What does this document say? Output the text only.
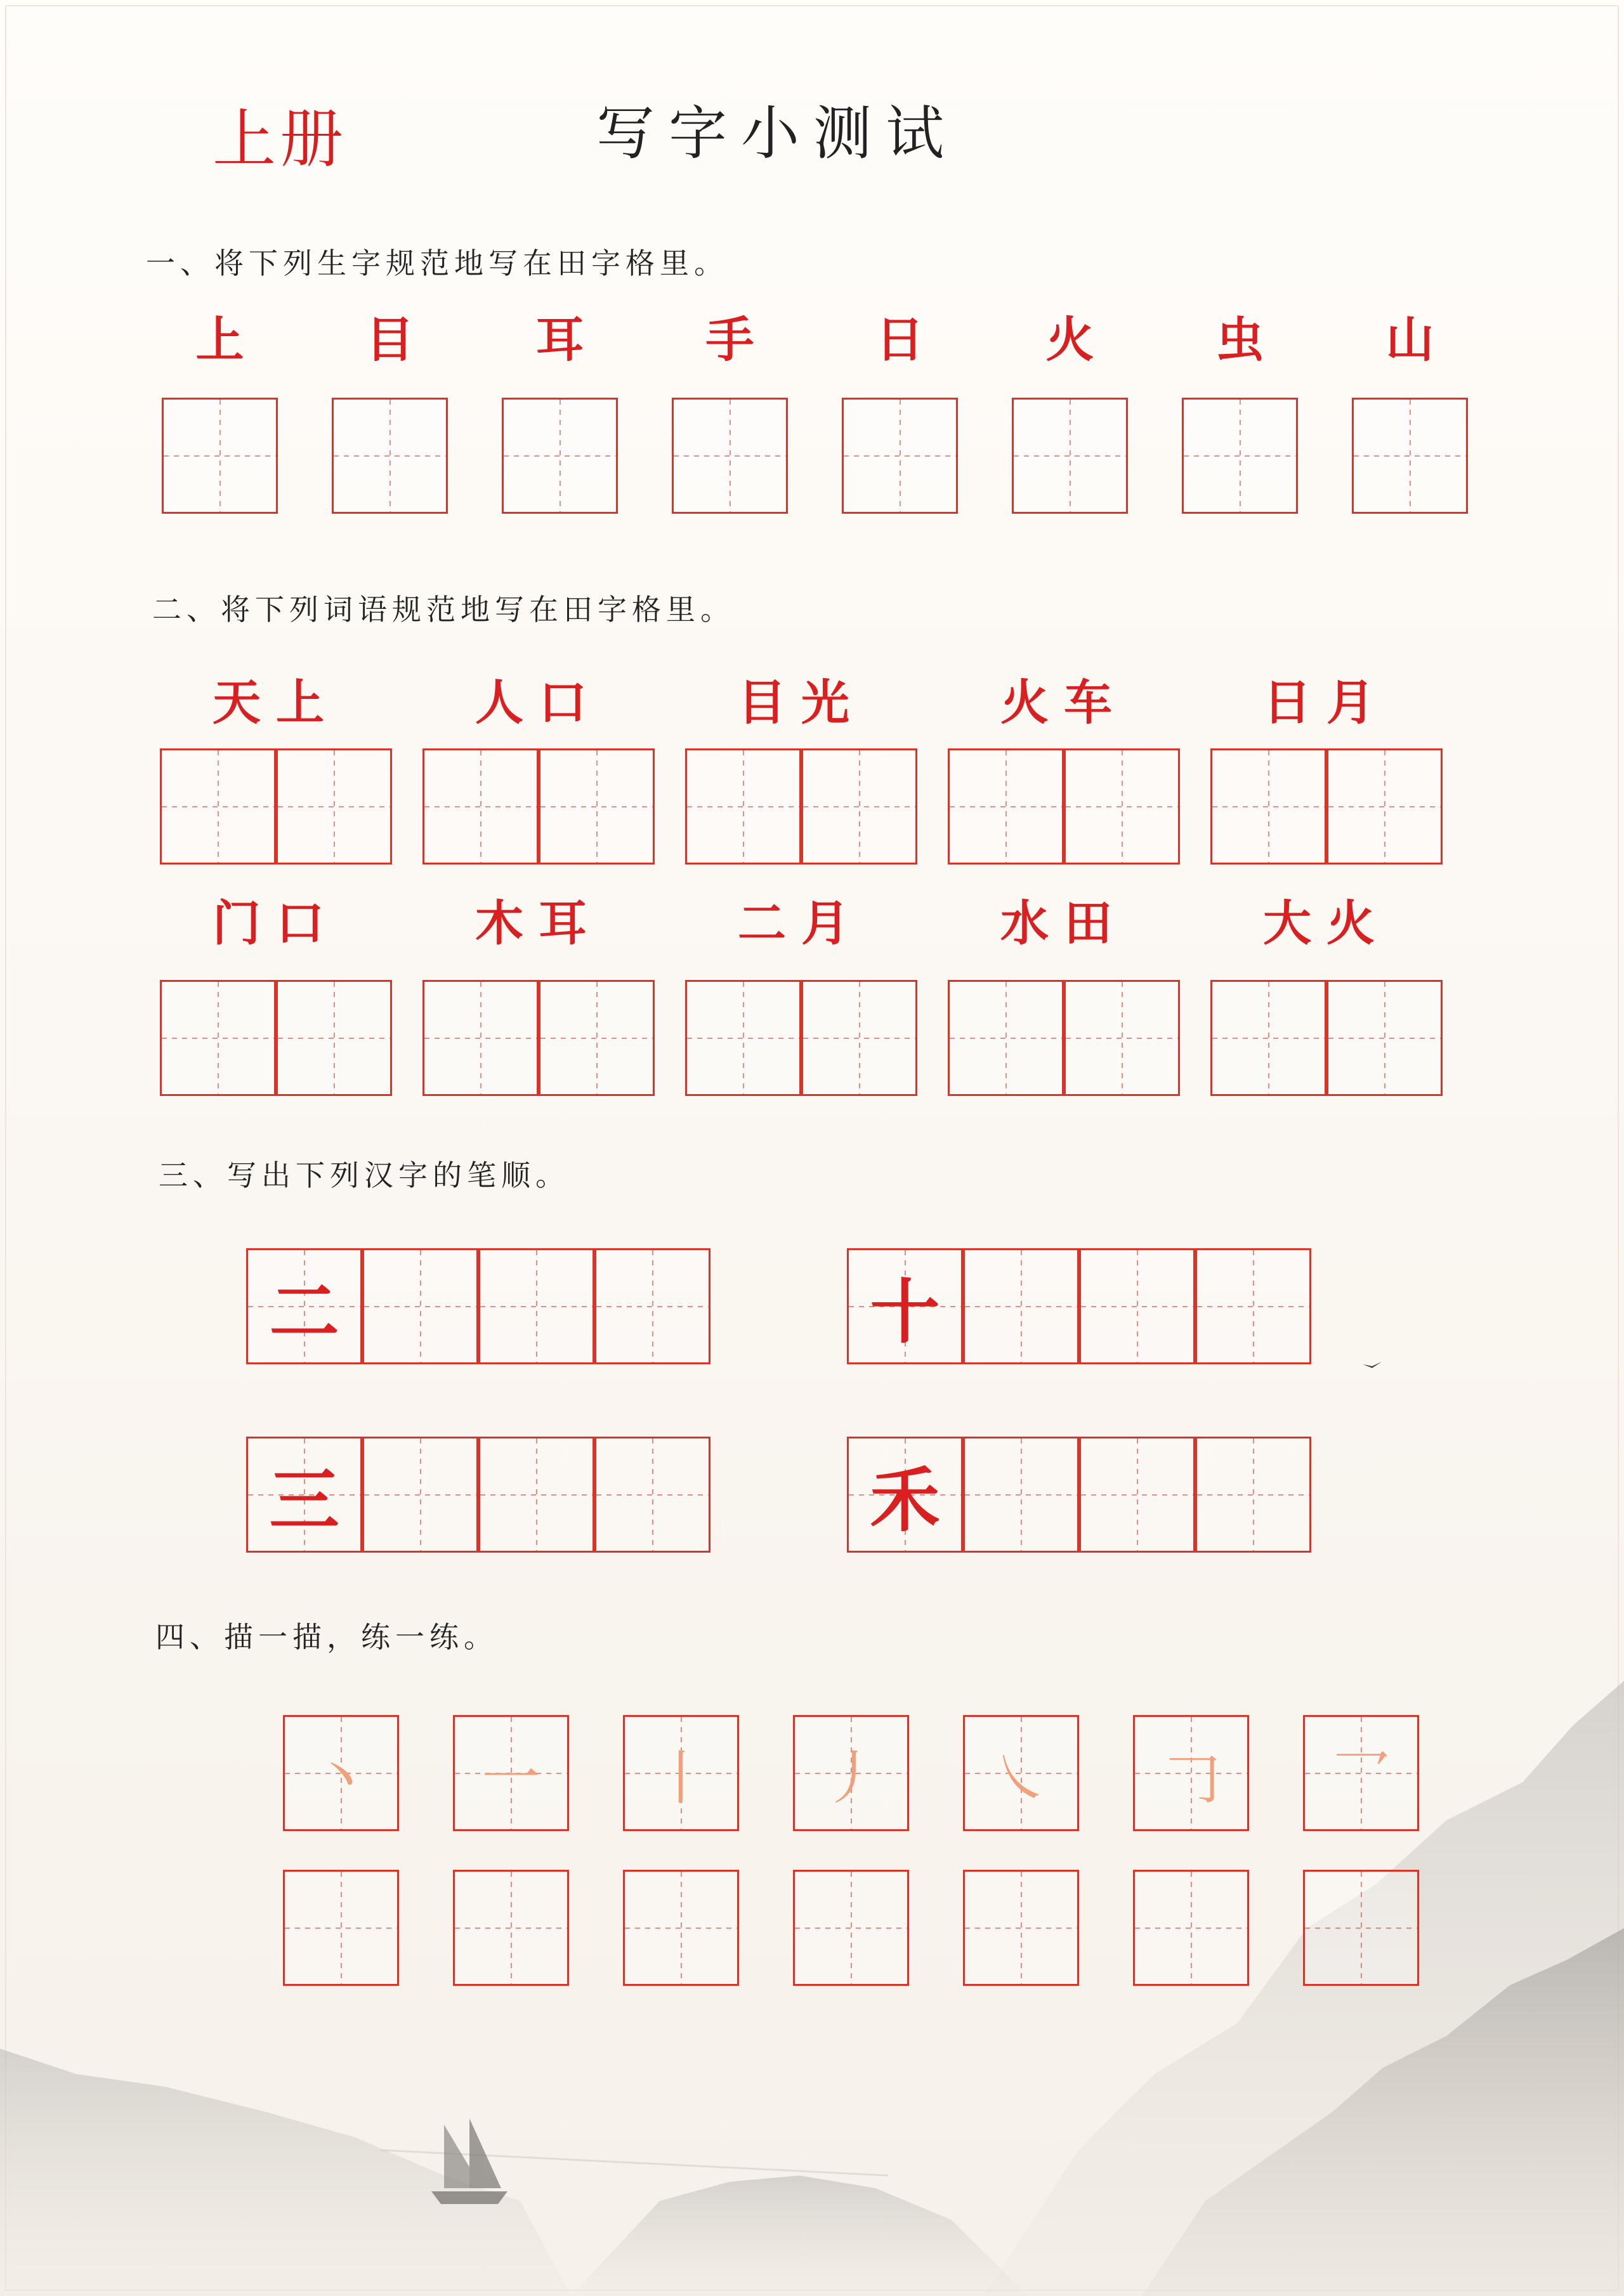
上册	写字小测试
一、将下列生字规范地写在田字格里。
上	目	耳	手	日	火	虫	山
二、将下列词语规范地写在田字格里。
天上	人口	目光	火车	日月
门口	木耳	二月	水田	大火
三、写出下列汉字的笔顺。
二	十
三	禾
四、描一描，练一练。
丶	一	丨	丿	㇏	𠃌	乛
